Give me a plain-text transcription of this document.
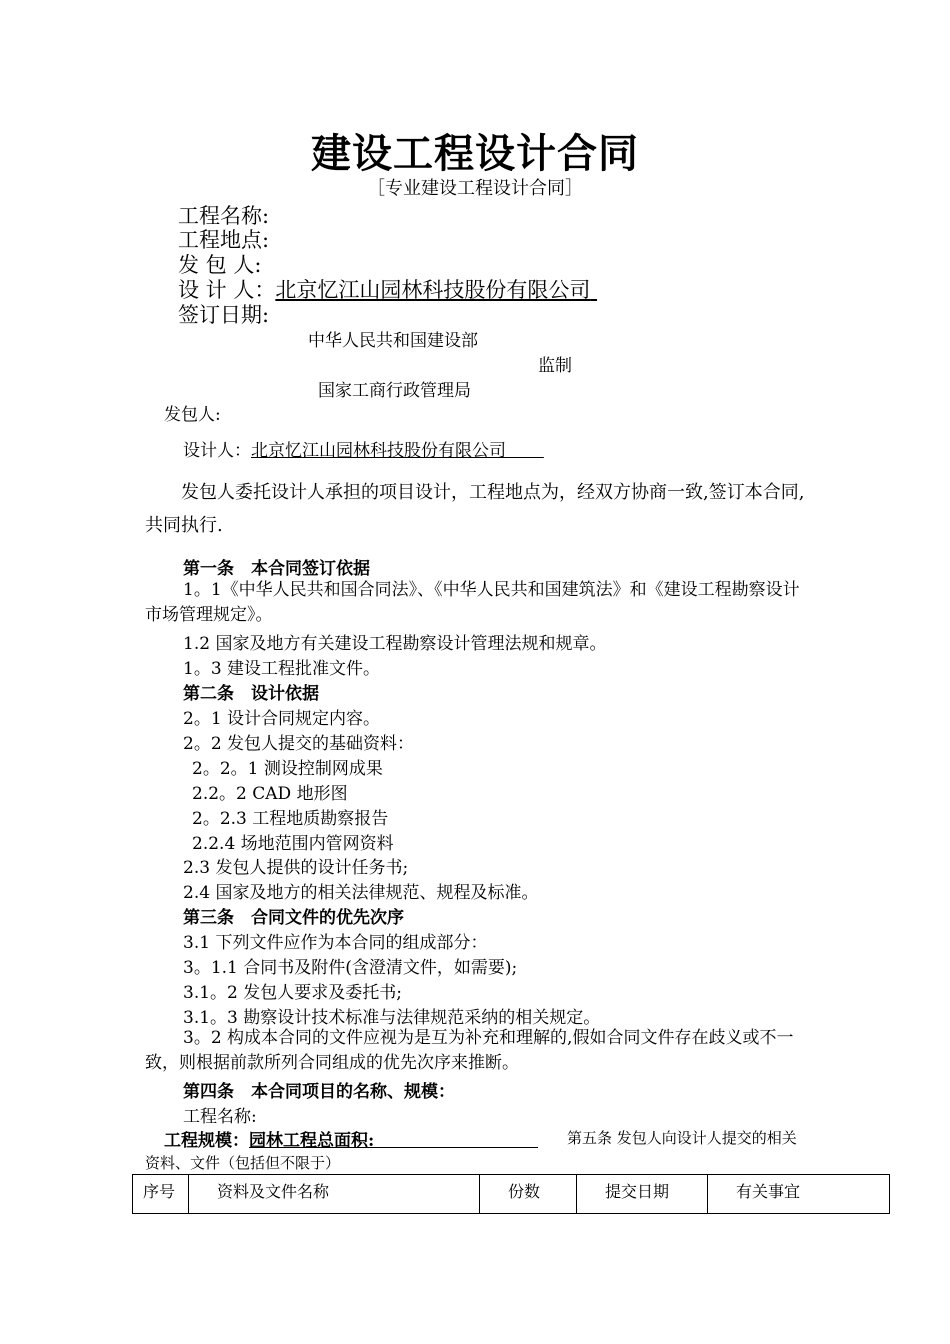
建设工程设计合同
［专业建设工程设计合同］
工程名称:
工程地点:
发 包 人:
设 计 人：北京忆江山园林科技股份有限公司
签订日期:
中华人民共和国建设部
监制
国家工商行政管理局
发包人:
设计人：北京忆江山园林科技股份有限公司
发包人委托设计人承担的项目设计，工程地点为，经双方协商一致,签订本合同,共同执行.
第一条　本合同签订依据
1。1《中华人民共和国合同法》、《中华人民共和国建筑法》和《建设工程勘察设计市场管理规定》。
1.2 国家及地方有关建设工程勘察设计管理法规和规章。
1。3 建设工程批准文件。
第二条　设计依据
2。1 设计合同规定内容。
2。2 发包人提交的基础资料：
2。2。1 测设控制网成果
2.2。2 CAD 地形图
2。2.3 工程地质勘察报告
2.2.4 场地范围内管网资料
2.3 发包人提供的设计任务书;
2.4 国家及地方的相关法律规范、规程及标准。
第三条　合同文件的优先次序
3.1 下列文件应作为本合同的组成部分：
3。1.1 合同书及附件(含澄清文件，如需要);
3.1。2 发包人要求及委托书;
3.1。3 勘察设计技术标准与法律规范采纳的相关规定。
3。2 构成本合同的文件应视为是互为补充和理解的,假如合同文件存在歧义或不一致，则根据前款所列合同组成的优先次序来推断。
第四条　本合同项目的名称、规模：
工程名称:
工程规模：园林工程总面积:	第五条 发包人向设计人提交的相关资料、文件（包括但不限于）
序号	资料及文件名称	份数	提交日期	有关事宜
